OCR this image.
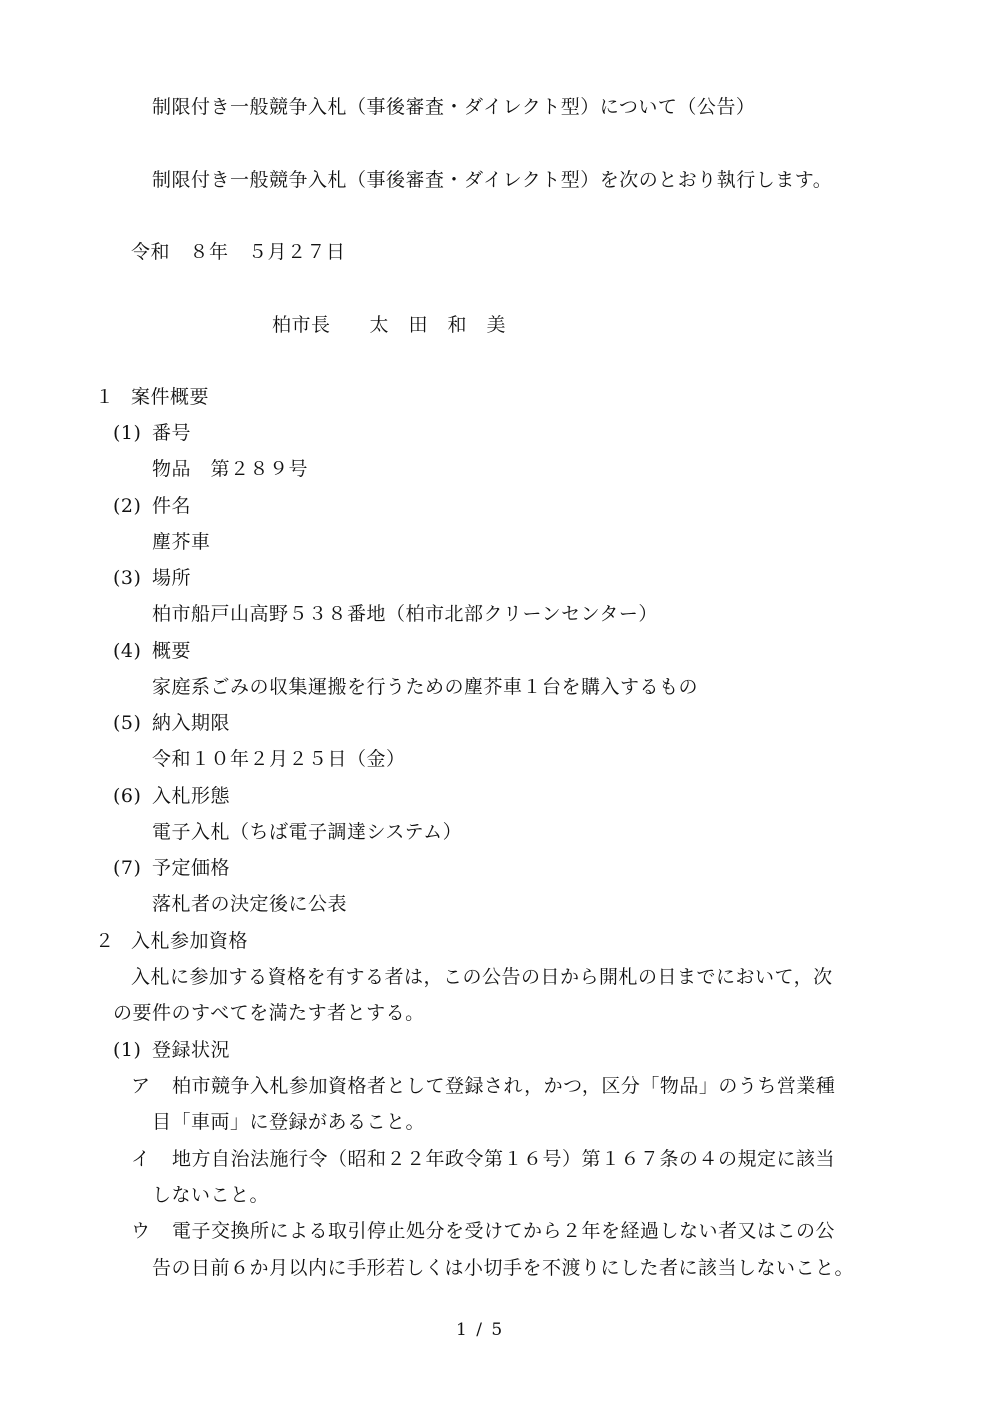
制限付き一般競争入札（事後審査・ダイレクト型）について（公告）
制限付き一般競争入札（事後審査・ダイレクト型）を次のとおり執行します。
令和　８年　５月２７日
柏市長　　太　田　和　美
１ 案件概要
(1) 番号
物品　第２８９号
(2) 件名
塵芥車
(3) 場所
柏市船戸山高野５３８番地（柏市北部クリーンセンター）
(4) 概要
家庭系ごみの収集運搬を行うための塵芥車１台を購入するもの
(5) 納入期限
令和１０年２月２５日（金）
(6) 入札形態
電子入札（ちば電子調達システム）
(7) 予定価格
落札者の決定後に公表
２ 入札参加資格
入札に参加する資格を有する者は，この公告の日から開札の日までにおいて，次
の要件のすべてを満たす者とする。
(1) 登録状況
ア 柏市競争入札参加資格者として登録され，かつ，区分「物品」のうち営業種
目「車両」に登録があること。
イ 地方自治法施行令（昭和２２年政令第１６号）第１６７条の４の規定に該当
しないこと。
ウ 電子交換所による取引停止処分を受けてから２年を経過しない者又はこの公
告の日前６か月以内に手形若しくは小切手を不渡りにした者に該当しないこと。
1 / 5
